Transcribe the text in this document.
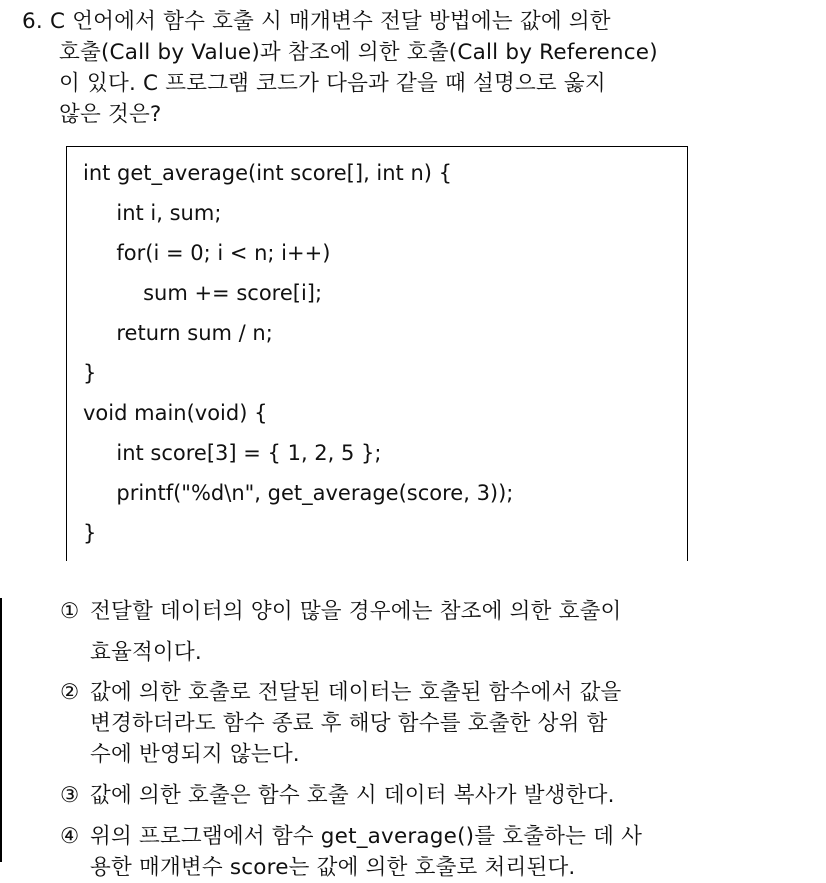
6. C 언어에서 함수 호출 시 매개변수 전달 방법에는 값에 의한
호출(Call by Value)과 참조에 의한 호출(Call by Reference)
이 있다. C 프로그램 코드가 다음과 같을 때 설명으로 옳지
않은 것은?
int get_average(int score[], int n) {
int i, sum;
for(i = 0; i < n; i++)
sum += score[i];
return sum / n;
}
void main(void) {
int score[3] = { 1, 2, 5 };
printf("%d\n", get_average(score, 3));
}
① 전달할 데이터의 양이 많을 경우에는 참조에 의한 호출이
효율적이다.
② 값에 의한 호출로 전달된 데이터는 호출된 함수에서 값을
변경하더라도 함수 종료 후 해당 함수를 호출한 상위 함
수에 반영되지 않는다.
③ 값에 의한 호출은 함수 호출 시 데이터 복사가 발생한다.
④ 위의 프로그램에서 함수 get_average()를 호출하는 데 사
용한 매개변수 score는 값에 의한 호출로 처리된다.
